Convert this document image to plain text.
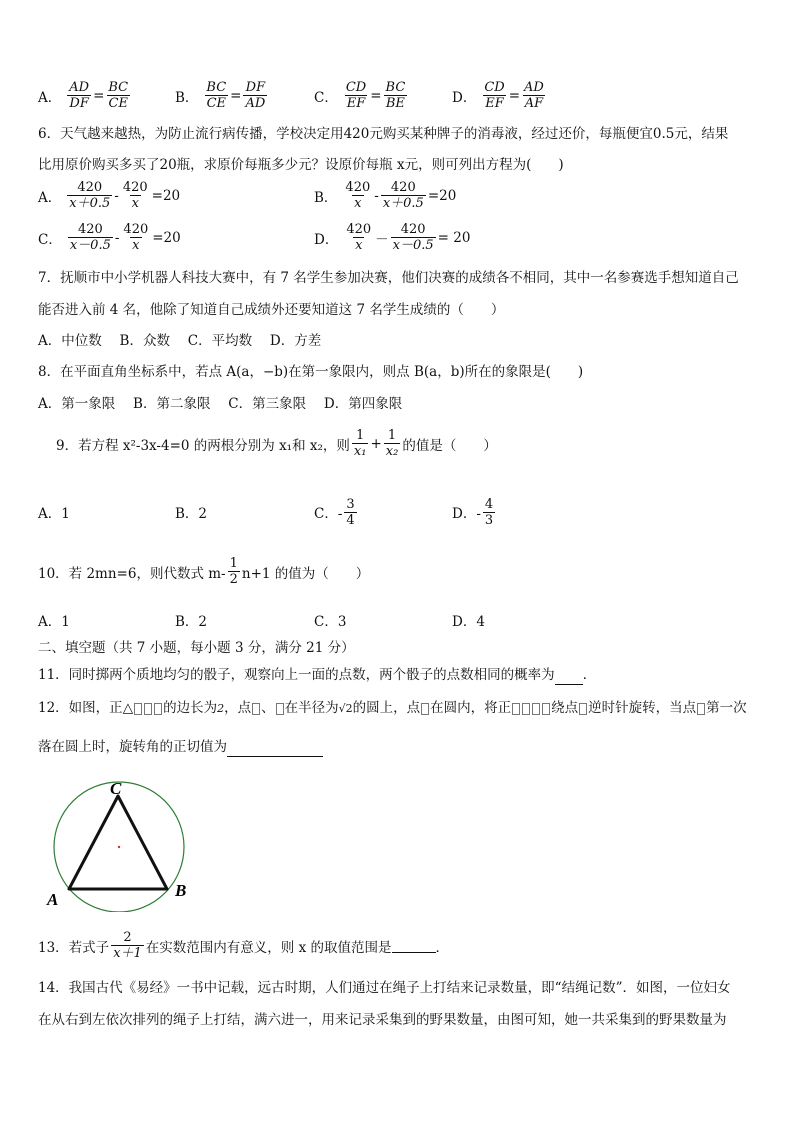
A． $\frac{AD}{DF} = \frac{BC}{CE}$	B． $\frac{BC}{CE} = \frac{DF}{AD}$	C． $\frac{CD}{EF} = \frac{BC}{BE}$	D． $\frac{CD}{EF} = \frac{AD}{AF}$
6．天气越来越热，为防止流行病传播，学校决定用420元购买某种牌子的消毒液，经过还价，每瓶便宜0.5元，结果
比用原价购买多买了20瓶，求原价每瓶多少元？设原价每瓶 x元，则可列出方程为(　　)
A． $\frac{420}{x+0.5} - \frac{420}{x} =20$	B． $\frac{420}{x} - \frac{420}{x+0.5} =20$
C． $\frac{420}{x-0.5} - \frac{420}{x} =20$	D． $\frac{420}{x} - \frac{420}{x-0.5} = 20$
7．抚顺市中小学机器人科技大赛中，有 7 名学生参加决赛，他们决赛的成绩各不相同，其中一名参赛选手想知道自己
能否进入前 4 名，他除了知道自己成绩外还要知道这 7 名学生成绩的（　　）
A．中位数　 B．众数　 C．平均数　 D．方差
8．在平面直角坐标系中，若点 A(a，−b)在第一象限内，则点 B(a，b)所在的象限是(　　)
A．第一象限　 B．第二象限　 C．第三象限　 D．第四象限
9．若方程 x²-3x-4=0 的两根分别为 x₁和 x₂，则 $\frac{1}{\text{x₁}} + \frac{1}{\text{x₂}}$ 的值是（　　）
A．1	B．2	C．- $\frac{3}{4}$	D．- $\frac{4}{3}$
10．若 2mn=6，则代数式 $m- \frac{1}{2} n+1$ 的值为（　　）
A．1	B．2	C．3	D．4
二、填空题（共 7 小题，每小题 3 分，满分 21 分）
11．同时掷两个质地均匀的骰子，观察向上一面的点数，两个骰子的点数相同的概率为 ．
12．如图，正△ 的边长为2，点 、 在半径为√2的圆上，点 在圆内，将正	绕点 逆时针旋转，当点 第一次
落在圆上时，旋转角的正切值为
A	B
C
13．若式子 $\frac{2}{x+1}$ 在实数范围内有意义，则 x 的取值范围是	．
14．我国古代《易经》一书中记载，远古时期，人们通过在绳子上打结来记录数量，即“结绳记数”．如图，一位妇女
在从右到左依次排列的绳子上打结，满六进一，用来记录采集到的野果数量，由图可知，她一共采集到的野果数量为
